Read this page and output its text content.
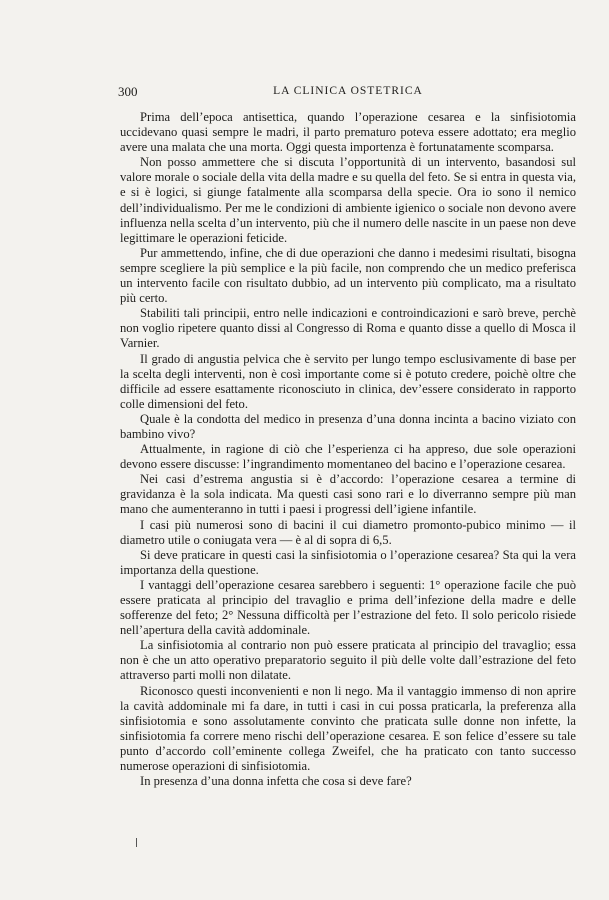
300	LA CLINICA OSTETRICA

Prima dell’epoca antisettica, quando l’operazione cesarea e la sinfisiotomia uccidevano quasi sempre le madri, il parto prematuro poteva essere adottato; era meglio avere una malata che una morta. Oggi questa importenza è fortunatamente scomparsa.

Non posso ammettere che si discuta l’opportunità di un intervento, basandosi sul valore morale o sociale della vita della madre e su quella del feto. Se si entra in questa via, e si è logici, si giunge fatalmente alla scomparsa della specie. Ora io sono il nemico dell’individualismo. Per me le condizioni di ambiente igienico o sociale non devono avere influenza nella scelta d’un intervento, più che il numero delle nascite in un paese non deve legittimare le operazioni feticide.

Pur ammettendo, infine, che di due operazioni che danno i medesimi risultati, bisogna sempre scegliere la più semplice e la più facile, non comprendo che un medico preferisca un intervento facile con risultato dubbio, ad un intervento più complicato, ma a risultato più certo.

Stabiliti tali principii, entro nelle indicazioni e controindicazioni e sarò breve, perchè non voglio ripetere quanto dissi al Congresso di Roma e quanto disse a quello di Mosca il Varnier.

Il grado di angustia pelvica che è servito per lungo tempo esclusivamente di base per la scelta degli interventi, non è così importante come si è potuto credere, poichè oltre che difficile ad essere esattamente riconosciuto in clinica, dev’essere considerato in rapporto colle dimensioni del feto.

Quale è la condotta del medico in presenza d’una donna incinta a bacino viziato con bambino vivo?

Attualmente, in ragione di ciò che l’esperienza ci ha appreso, due sole operazioni devono essere discusse: l’ingrandimento momentaneo del bacino e l’operazione cesarea.

Nei casi d’estrema angustia si è d’accordo: l’operazione cesarea a termine di gravidanza è la sola indicata. Ma questi casi sono rari e lo diverranno sempre più man mano che aumenteranno in tutti i paesi i progressi dell’igiene infantile.

I casi più numerosi sono di bacini il cui diametro promonto-pubico minimo — il diametro utile o coniugata vera — è al di sopra di 6,5.

Si deve praticare in questi casi la sinfisiotomia o l’operazione cesarea? Sta qui la vera importanza della questione.

I vantaggi dell’operazione cesarea sarebbero i seguenti: 1° operazione facile che può essere praticata al principio del travaglio e prima dell’infezione della madre e delle sofferenze del feto; 2° Nessuna difficoltà per l’estrazione del feto. Il solo pericolo risiede nell’apertura della cavità addominale.

La sinfisiotomia al contrario non può essere praticata al principio del travaglio; essa non è che un atto operativo preparatorio seguito il più delle volte dall’estrazione del feto attraverso parti molli non dilatate.

Riconosco questi inconvenienti e non li nego. Ma il vantaggio immenso di non aprire la cavità addominale mi fa dare, in tutti i casi in cui possa praticarla, la preferenza alla sinfisiotomia e sono assolutamente convinto che praticata sulle donne non infette, la sinfisiotomia fa correre meno rischi dell’operazione cesarea. E son felice d’essere su tale punto d’accordo coll’eminente collega Zweifel, che ha praticato con tanto successo numerose operazioni di sinfisiotomia.

In presenza d’una donna infetta che cosa si deve fare?
